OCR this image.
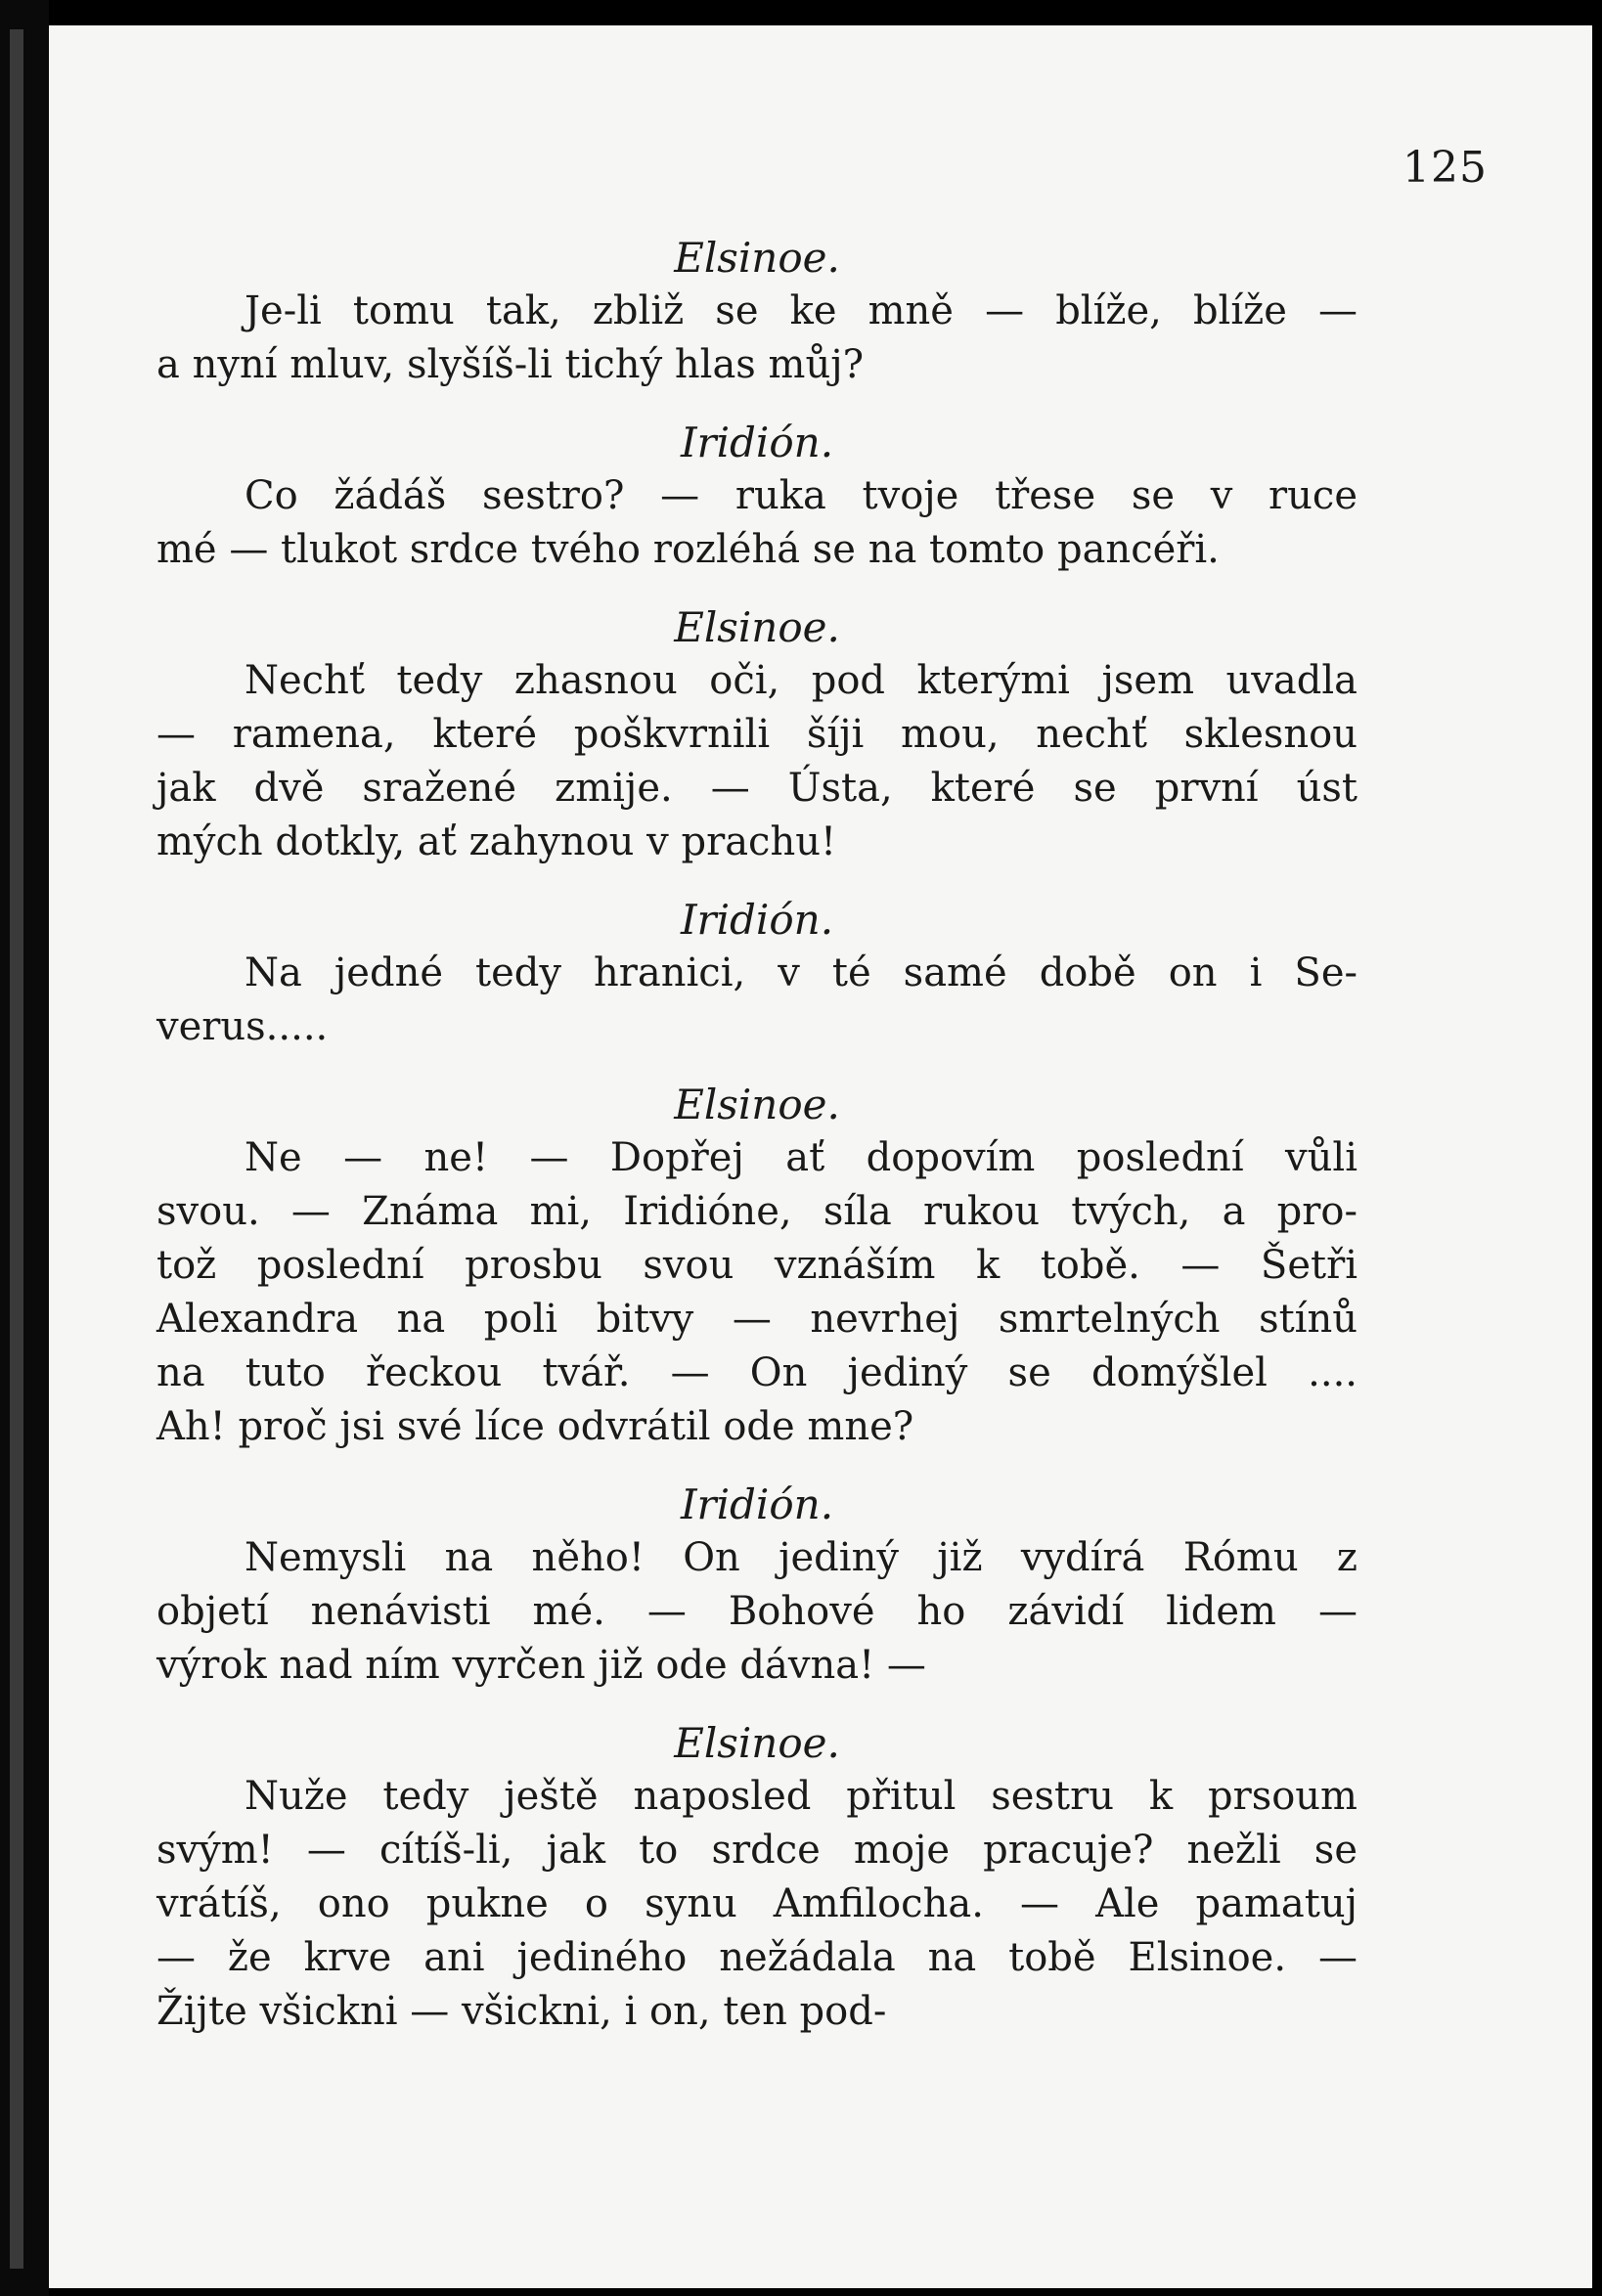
125

Elsinoe.

Je-li tomu tak, zbliž se ke mně — blíže, blíže —
a nyní mluv, slyšíš-li tichý hlas můj?

Iridión.

Co žádáš sestro? — ruka tvoje třese se v ruce
mé — tlukot srdce tvého rozléhá se na tomto pancéři.

Elsinoe.

Nechť tedy zhasnou oči, pod kterými jsem uvadla
— ramena, které poškvrnili šíji mou, nechť sklesnou
jak dvě sražené zmije. — Ústa, které se první úst
mých dotkly, ať zahynou v prachu!

Iridión.

Na jedné tedy hranici, v té samé době on i Se-
verus.....

Elsinoe.

Ne — ne! — Dopřej ať dopovím poslední vůli
svou. — Známa mi, Iridióne, síla rukou tvých, a pro-
tož poslední prosbu svou vznáším k tobě. — Šetři
Alexandra na poli bitvy — nevrhej smrtelných stínů
na tuto řeckou tvář. — On jediný se domýšlel ....
Ah! proč jsi své líce odvrátil ode mne?

Iridión.

Nemysli na něho! On jediný již vydírá Rómu z
objetí nenávisti mé. — Bohové ho závidí lidem —
výrok nad ním vyrčen již ode dávna! —

Elsinoe.

Nuže tedy ještě naposled přitul sestru k prsoum
svým! — cítíš-li, jak to srdce moje pracuje? nežli se
vrátíš, ono pukne o synu Amfilocha. — Ale pamatuj
— že krve ani jediného nežádala na tobě Elsinoe. —
Žijte všickni — všickni, i on, ten pod-
